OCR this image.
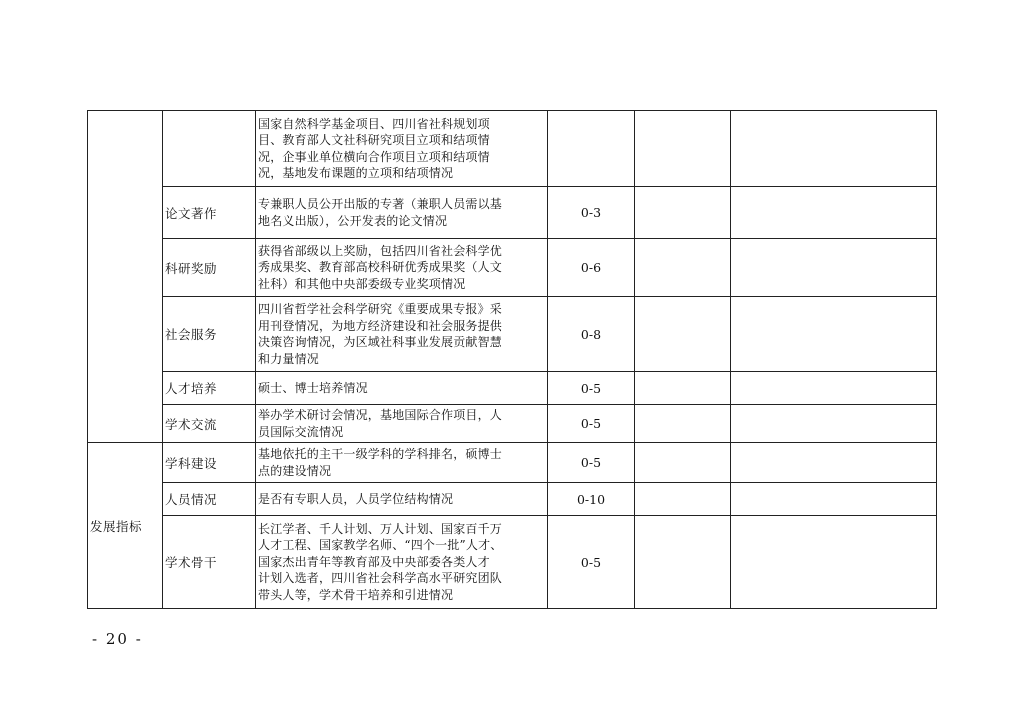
		国家自然科学基金项目、四川省社科规划项
目、教育部人文社科研究项目立项和结项情
况，企事业单位横向合作项目立项和结项情
况，基地发布课题的立项和结项情况			

	论文著作	专兼职人员公开出版的专著（兼职人员需以基
地名义出版），公开发表的论文情况	0-3		
	科研奖励	获得省部级以上奖励，包括四川省社会科学优
秀成果奖、教育部高校科研优秀成果奖（人文
社科）和其他中央部委级专业奖项情况	0-6		
	社会服务	四川省哲学社会科学研究《重要成果专报》采
用刊登情况，为地方经济建设和社会服务提供
决策咨询情况，为区域社科事业发展贡献智慧
和力量情况	0-8		
	人才培养	硕士、博士培养情况	0-5		
	学术交流	举办学术研讨会情况，基地国际合作项目，人
员国际交流情况	0-5		
发展指标	学科建设	基地依托的主干一级学科的学科排名，硕博士
点的建设情况	0-5		
	人员情况	是否有专职人员，人员学位结构情况	0-10		
	学术骨干	长江学者、千人计划、万人计划、国家百千万
人才工程、国家教学名师、“四个一批”人才、
国家杰出青年等教育部及中央部委各类人才
计划入选者，四川省社会科学高水平研究团队
带头人等，学术骨干培养和引进情况	0-5		
- 20 -
